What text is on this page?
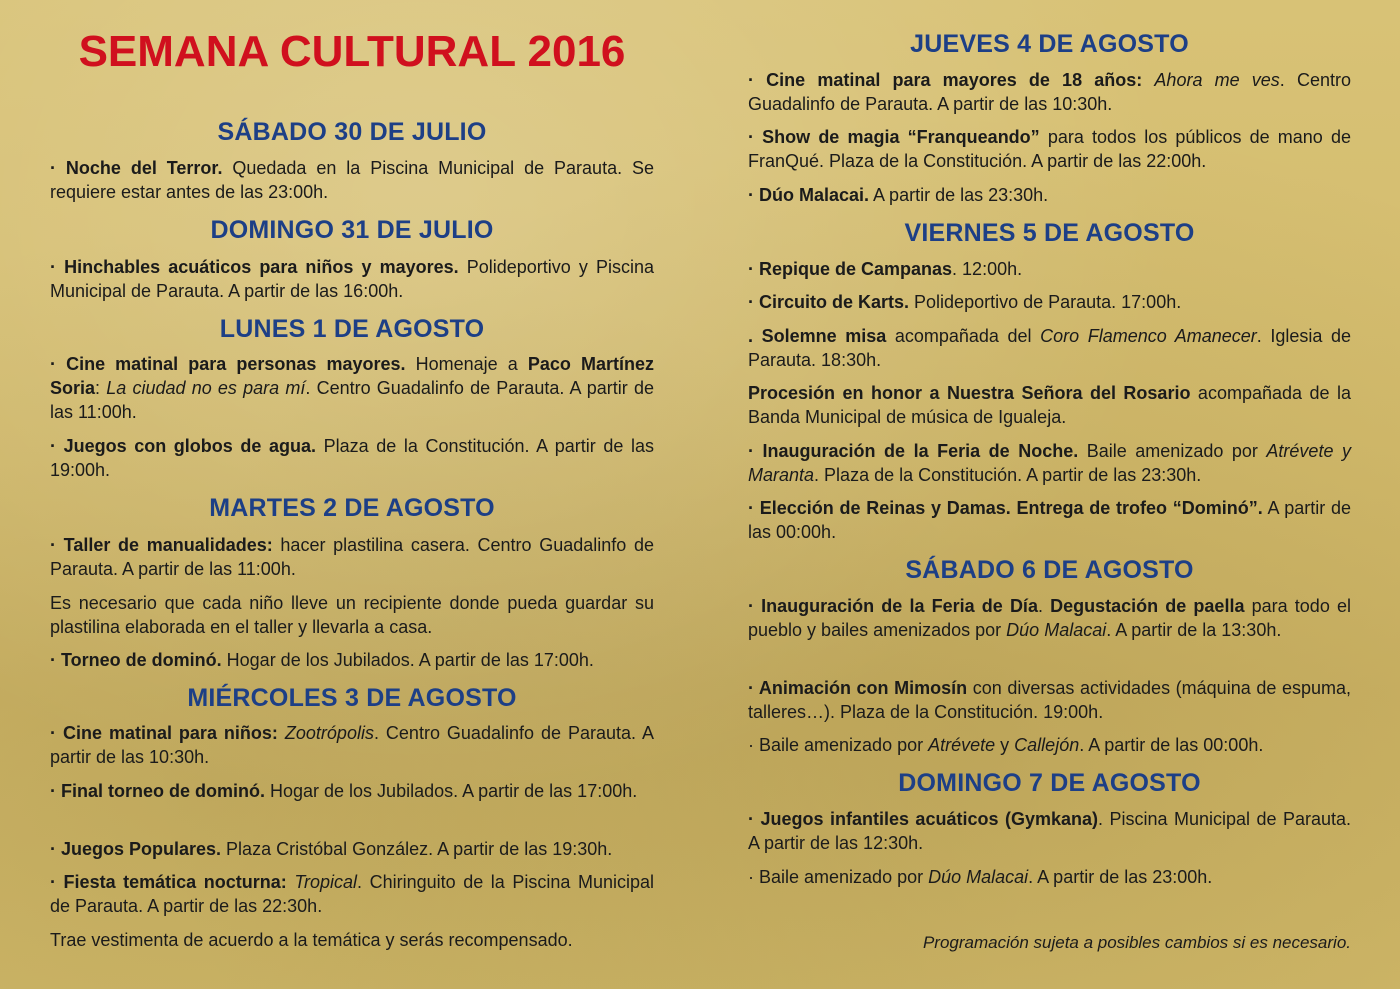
SEMANA CULTURAL 2016
SÁBADO 30 DE JULIO

· Noche del Terror. Quedada en la Piscina Municipal de Parauta. Se requiere estar antes de las 23:00h.

DOMINGO 31 DE JULIO

· Hinchables acuáticos para niños y mayores. Polideportivo y Piscina Municipal de Parauta. A partir de las 16:00h.

LUNES 1 DE AGOSTO

· Cine matinal para personas mayores. Homenaje a Paco Martínez Soria: La ciudad no es para mí. Centro Guadalinfo de Parauta. A partir de las 11:00h.

· Juegos con globos de agua. Plaza de la Constitución. A partir de las 19:00h.

MARTES 2 DE AGOSTO

· Taller de manualidades: hacer plastilina casera. Centro Guadalinfo de Parauta. A partir de las 11:00h.

Es necesario que cada niño lleve un recipiente donde pueda guardar su plastilina elaborada en el taller y llevarla a casa.

· Torneo de dominó. Hogar de los Jubilados. A partir de las 17:00h.

MIÉRCOLES 3 DE AGOSTO

· Cine matinal para niños: Zootrópolis. Centro Guadalinfo de Parauta. A partir de las 10:30h.

· Final torneo de dominó. Hogar de los Jubilados. A partir de las 17:00h.

· Juegos Populares. Plaza Cristóbal González. A partir de las 19:30h.

· Fiesta temática nocturna: Tropical. Chiringuito de la Piscina Municipal de Parauta. A partir de las 22:30h.

Trae vestimenta de acuerdo a la temática y serás recompensado.

JUEVES 4 DE AGOSTO

· Cine matinal para mayores de 18 años: Ahora me ves. Centro Guadalinfo de Parauta. A partir de las 10:30h.

· Show de magia “Franqueando” para todos los públicos de mano de FranQué. Plaza de la Constitución. A partir de las 22:00h.

· Dúo Malacai. A partir de las 23:30h.

VIERNES 5 DE AGOSTO

· Repique de Campanas. 12:00h.

· Circuito de Karts. Polideportivo de Parauta. 17:00h.

. Solemne misa acompañada del Coro Flamenco Amanecer. Iglesia de Parauta. 18:30h.

Procesión en honor a Nuestra Señora del Rosario acompañada de la Banda Municipal de música de Igualeja.

· Inauguración de la Feria de Noche. Baile amenizado por Atrévete y Maranta. Plaza de la Constitución. A partir de las 23:30h.

· Elección de Reinas y Damas. Entrega de trofeo “Dominó”. A partir de las 00:00h.

SÁBADO 6 DE AGOSTO

· Inauguración de la Feria de Día. Degustación de paella para todo el pueblo y bailes amenizados por Dúo Malacai. A partir de la 13:30h.

· Animación con Mimosín con diversas actividades (máquina de espuma, talleres…). Plaza de la Constitución. 19:00h.

· Baile amenizado por Atrévete y Callejón. A partir de las 00:00h.

DOMINGO 7 DE AGOSTO

· Juegos infantiles acuáticos (Gymkana). Piscina Municipal de Parauta. A partir de las 12:30h.

· Baile amenizado por Dúo Malacai. A partir de las 23:00h.

Programación sujeta a posibles cambios si es necesario.
